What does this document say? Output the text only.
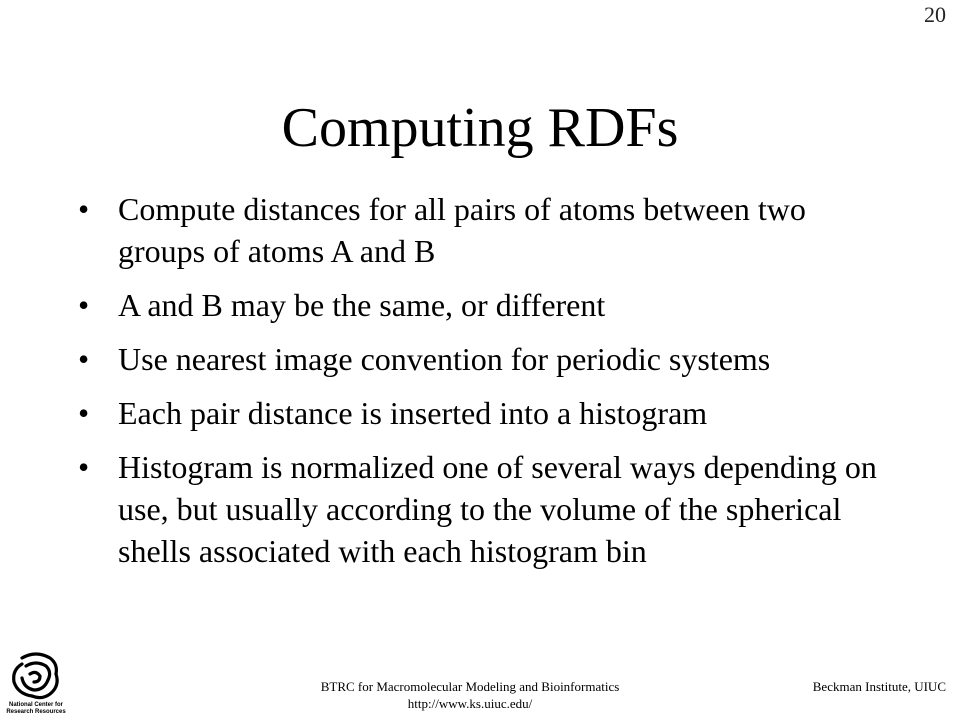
20
Computing RDFs
• Compute distances for all pairs of atoms between two groups of atoms A and B
• A and B may be the same, or different
• Use nearest image convention for periodic systems
• Each pair distance is inserted into a histogram
• Histogram is normalized one of several ways depending on use, but usually according to the volume of the spherical shells associated with each histogram bin
National Center for
Research Resources
BTRC for Macromolecular Modeling and Bioinformatics
http://www.ks.uiuc.edu/
Beckman Institute, UIUC
